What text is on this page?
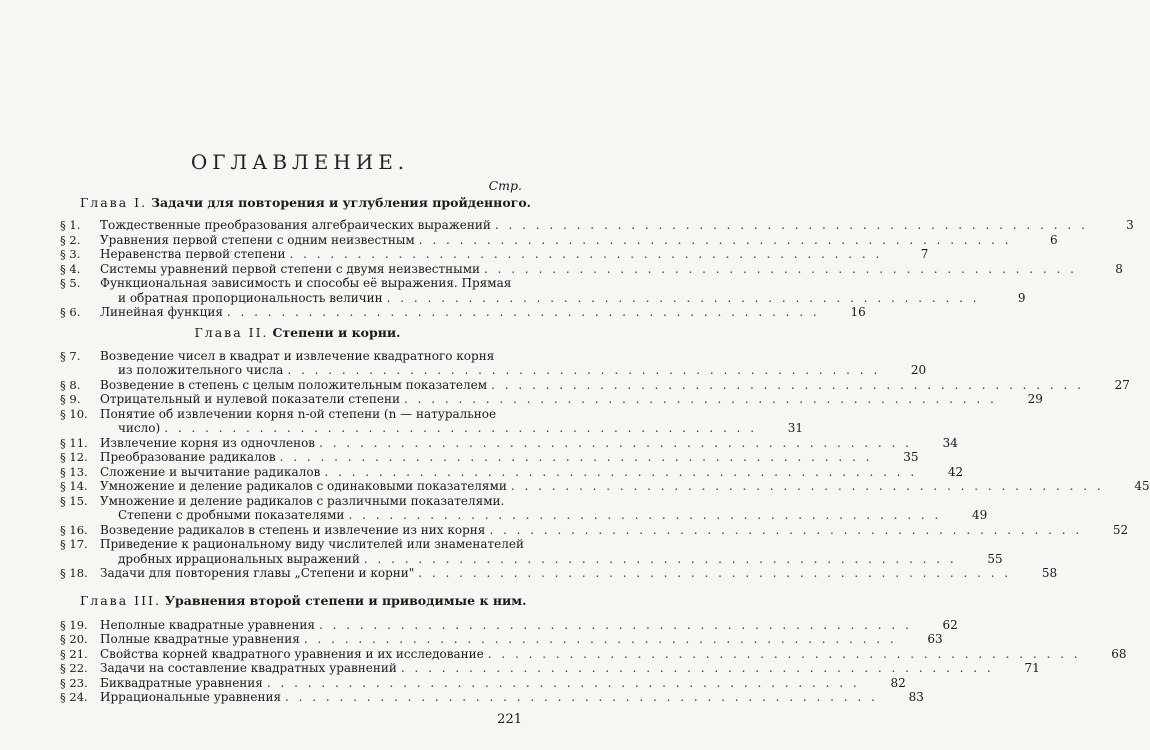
ОГЛАВЛЕНИЕ.
Стр.
Глава I. Задачи для повторения и углубления пройденного.
§ 1.	Тождественные преобразования алгебраических выражений . . .	3
§ 2.	Уравнения первой степени с одним неизвестным . . .	6
§ 3.	Неравенства первой степени . . .	7
§ 4.	Системы уравнений первой степени с двумя неизвестными . . .	8
§ 5.	Функциональная зависимость и способы её выражения. Прямая
и обратная пропорциональность величин . . .	9
§ 6.	Линейная функция . . .	16
Глава II. Степени и корни.
§ 7.	Возведение чисел в квадрат и извлечение квадратного корня
из положительного числа . . .	20
§ 8.	Возведение в степень с целым положительным показателем . . .	27
§ 9.	Отрицательный и нулевой показатели степени . . .	29
§ 10.	Понятие об извлечении корня n-ой степени (n — натуральное
число) . . .	31
§ 11.	Извлечение корня из одночленов . . .	34
§ 12.	Преобразование радикалов . . .	35
§ 13.	Сложение и вычитание радикалов . . .	42
§ 14.	Умножение и деление радикалов с одинаковыми показателями . . .	45
§ 15.	Умножение и деление радикалов с различными показателями.
Степени с дробными показателями . . .	49
§ 16.	Возведение радикалов в степень и извлечение из них корня . . .	52
§ 17.	Приведение к рациональному виду числителей или знаменателей
дробных иррациональных выражений . . .	55
§ 18.	Задачи для повторения главы „Степени и корни" . . .	58
Глава III. Уравнения второй степени и приводимые к ним.
§ 19.	Неполные квадратные уравнения . . .	62
§ 20.	Полные квадратные уравнения . . .	63
§ 21.	Свойства корней квадратного уравнения и их исследование . . .	68
§ 22.	Задачи на составление квадратных уравнений . . .	71
§ 23.	Биквадратные уравнения . . .	82
§ 24.	Иррациональные уравнения . . .	83
221
